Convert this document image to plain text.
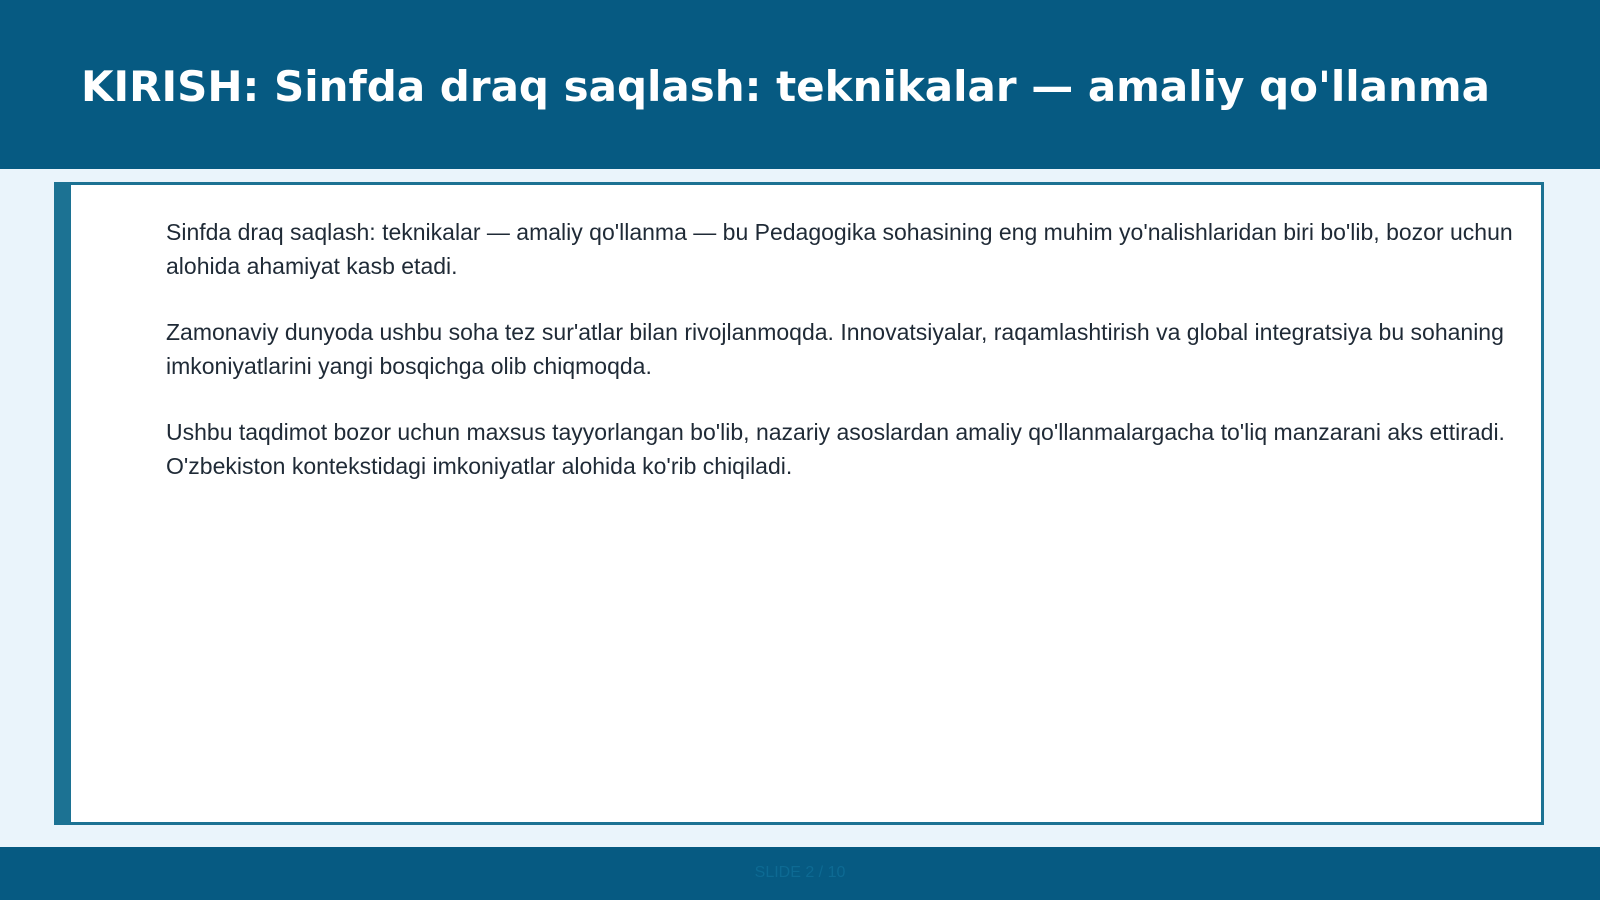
KIRISH: Sinfda draq saqlash: teknikalar — amaliy qo'llanma

Sinfda draq saqlash: teknikalar — amaliy qo'llanma — bu Pedagogika sohasining eng muhim yo'nalishlaridan biri bo'lib, bozor uchun alohida ahamiyat kasb etadi.

Zamonaviy dunyoda ushbu soha tez sur'atlar bilan rivojlanmoqda. Innovatsiyalar, raqamlashtirish va global integratsiya bu sohaning imkoniyatlarini yangi bosqichga olib chiqmoqda.

Ushbu taqdimot bozor uchun maxsus tayyorlangan bo'lib, nazariy asoslardan amaliy qo'llanmalargacha to'liq manzarani aks ettiradi. O'zbekiston kontekstidagi imkoniyatlar alohida ko'rib chiqiladi.

SLIDE 2 / 10
